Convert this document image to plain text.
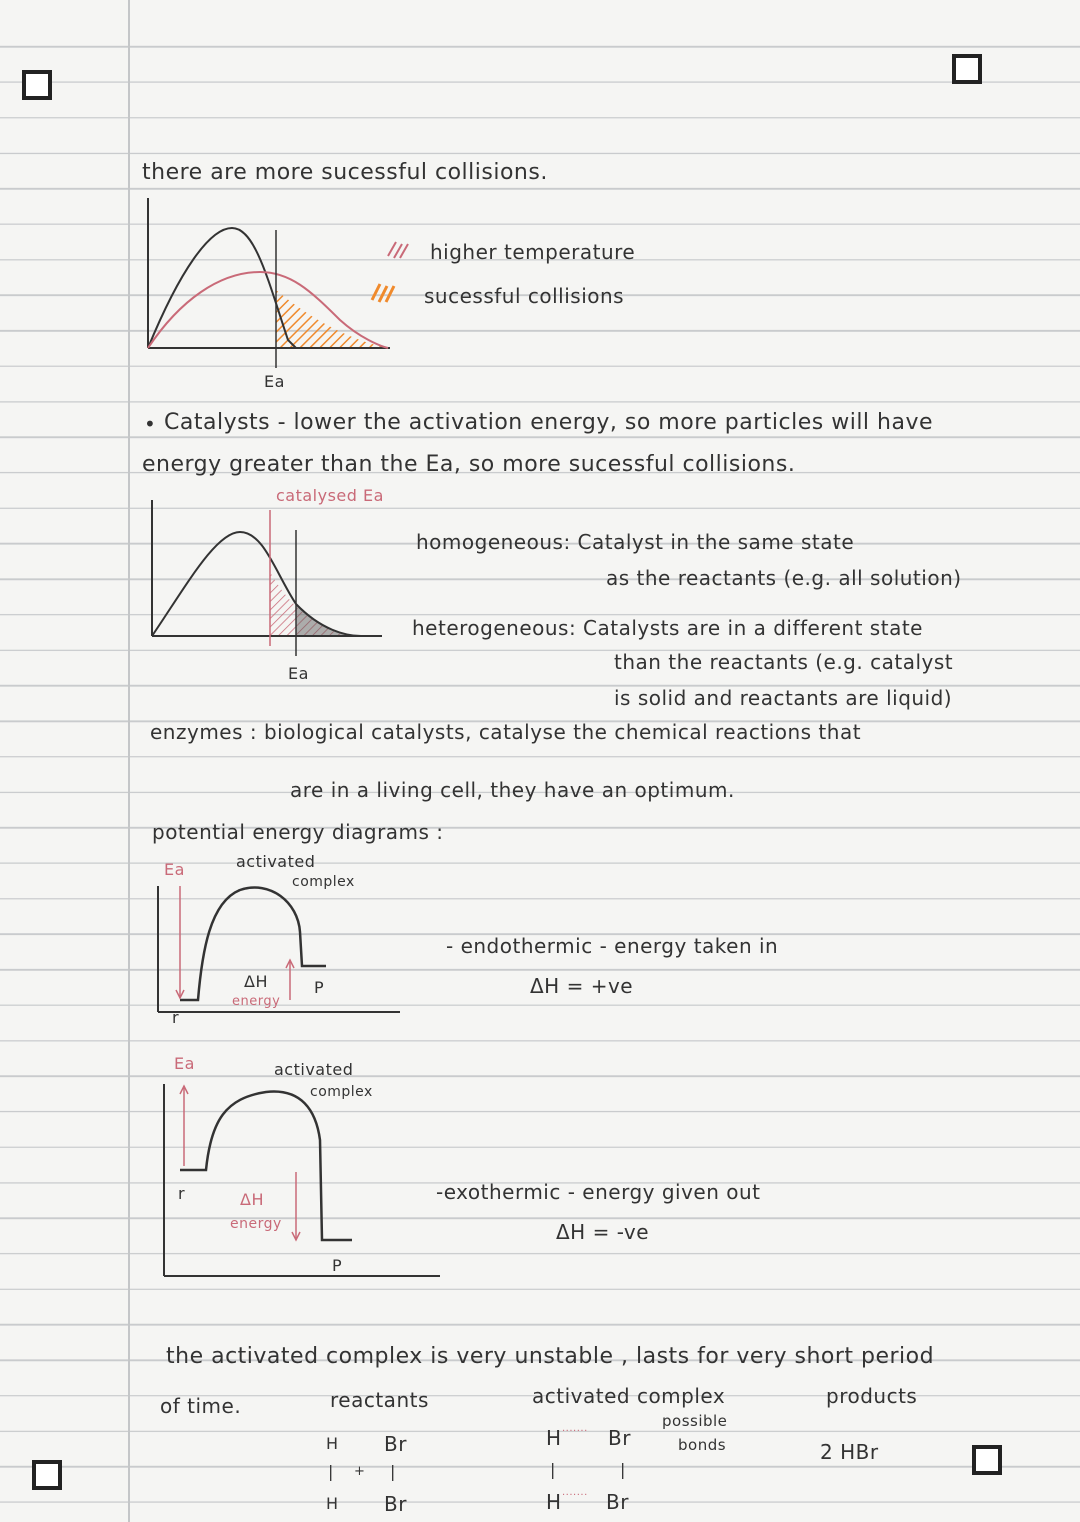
there are more sucessful collisions.
Ea
higher temperature
sucessful collisions
• Catalysts - lower the activation energy, so more particles will have
energy greater than the Ea, so more sucessful collisions.
catalysed Ea
Ea
homogeneous: Catalyst in the same state
as the reactants (e.g. all solution)
heterogeneous: Catalysts are in a different state
than the reactants (e.g. catalyst
is solid and reactants are liquid)
enzymes : biological catalysts, catalyse the chemical reactions that
are in a living cell, they have an optimum.
potential energy diagrams :
Ea	activated
complex
ΔH
energy
r
P
- endothermic - energy taken in
ΔH = +ve
Ea	activated
complex
r	ΔH
energy
P
-exothermic - energy given out
ΔH = -ve
the activated complex is very unstable , lasts for very short period
of time.	reactants	activated complex	products
H Br
| + |
H Br
H ······· Br
possible
bonds
|	|
H ······· Br
2 HBr
